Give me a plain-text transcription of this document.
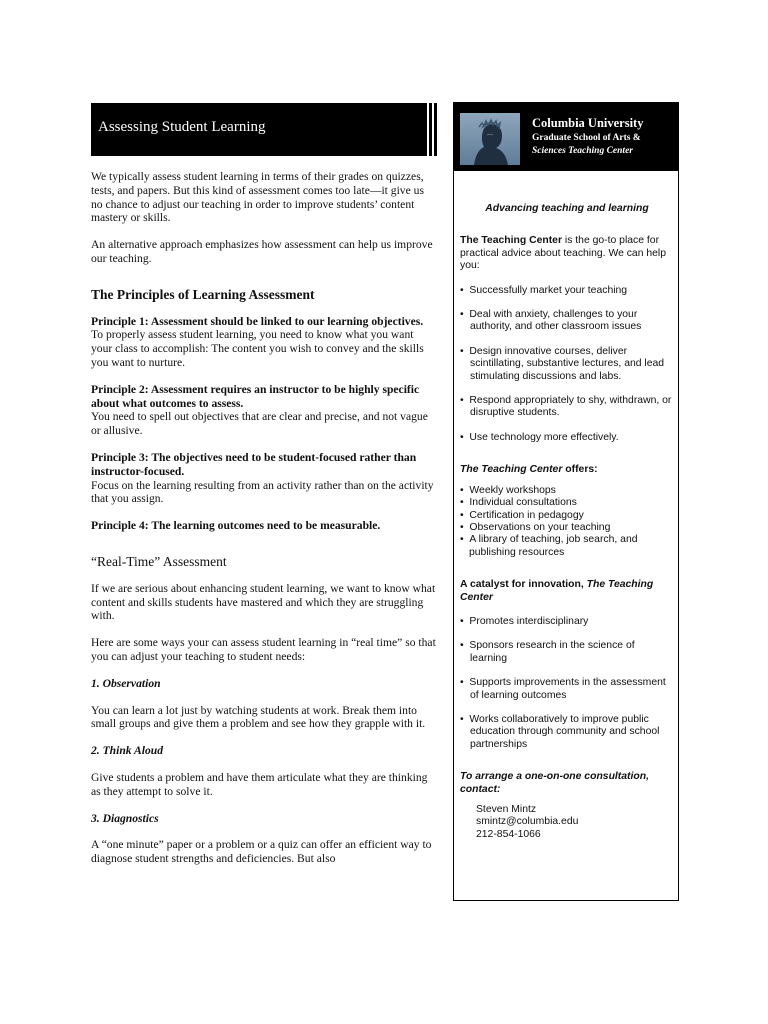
Assessing Student Learning

We typically assess student learning in terms of their grades on quizzes, tests, and papers. But this kind of assessment comes too late—it give us no chance to adjust our teaching in order to improve students’ content mastery or skills.

An alternative approach emphasizes how assessment can help us improve our teaching.

The Principles of Learning Assessment

Principle 1: Assessment should be linked to our learning objectives.

To properly assess student learning, you need to know what you want your class to accomplish: The content you wish to convey and the skills you want to nurture.

Principle 2: Assessment requires an instructor to be highly specific about what outcomes to assess.

You need to spell out objectives that are clear and precise, and not vague or allusive.

Principle 3: The objectives need to be student-focused rather than instructor-focused.

Focus on the learning resulting from an activity rather than on the activity that you assign.

Principle 4: The learning outcomes need to be measurable.

“Real-Time” Assessment

If we are serious about enhancing student learning, we want to know what content and skills students have mastered and which they are struggling with.

Here are some ways your can assess student learning in “real time” so that you can adjust your teaching to student needs:

1. Observation

You can learn a lot just by watching students at work. Break them into small groups and give them a problem and see how they grapple with it.

2. Think Aloud

Give students a problem and have them articulate what they are thinking as they attempt to solve it.

3. Diagnostics

A “one minute” paper or a problem or a quiz can offer an efficient way to diagnose student strengths and deficiencies. But also

Columbia University
Graduate School of Arts &
Sciences Teaching Center

Advancing teaching and learning

The Teaching Center is the go-to place for practical advice about teaching. We can help you:

• Successfully market your teaching

• Deal with anxiety, challenges to your authority, and other classroom issues

• Design innovative courses, deliver scintillating, substantive lectures, and lead stimulating discussions and labs.

• Respond appropriately to shy, withdrawn, or disruptive students.

• Use technology more effectively.

The Teaching Center offers:

• Weekly workshops

• Individual consultations

• Certification in pedagogy

• Observations on your teaching

• A library of teaching, job search, and publishing resources

A catalyst for innovation, The Teaching Center

• Promotes interdisciplinary

• Sponsors research in the science of learning

• Supports improvements in the assessment of learning outcomes

• Works collaboratively to improve public education through community and school partnerships

To arrange a one-on-one consultation, contact:

Steven Mintz

smintz@columbia.edu

212-854-1066
